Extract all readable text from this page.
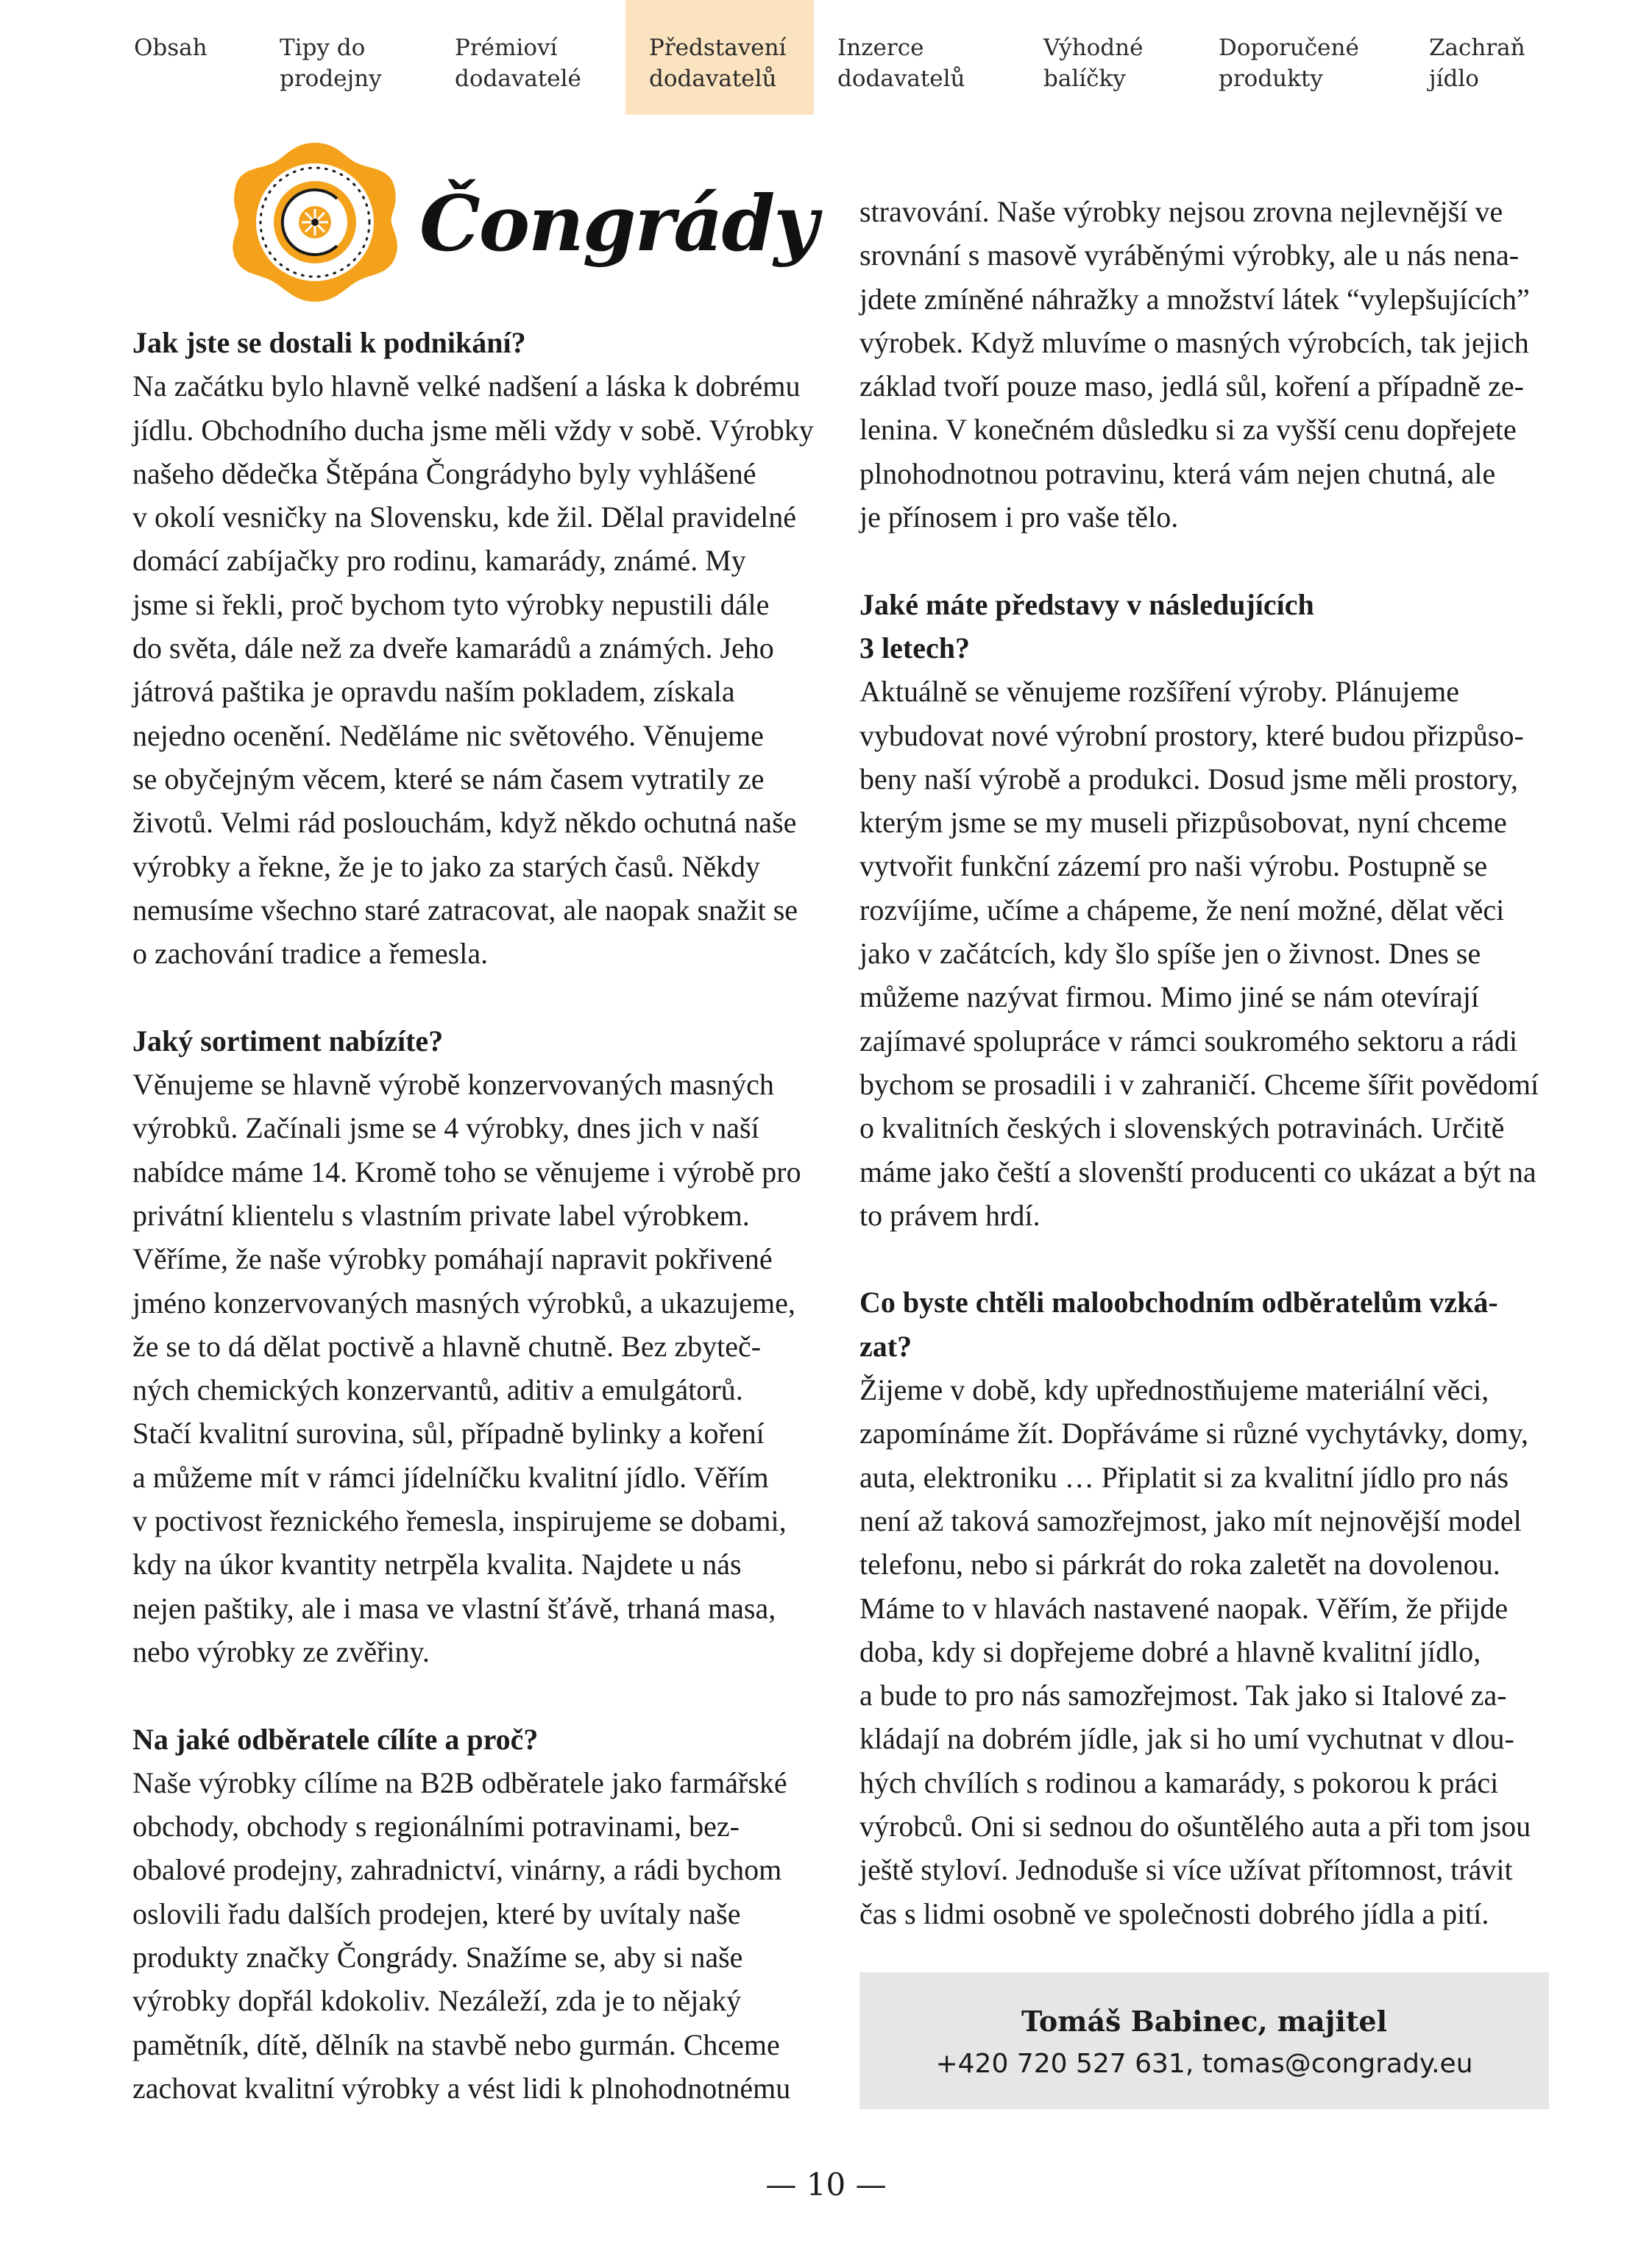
Obsah	Tipy do
prodejny
Prémioví
dodavatelé
Představení
dodavatelů
Inzerce
dodavatelů
Výhodné
balíčky
Doporučené
produkty
Zachraň
jídlo
Čongrády

Jak jste se dostali k podnikání?

Na začátku bylo hlavně velké nadšení a láska k dobrému

jídlu. Obchodního ducha jsme měli vždy v sobě. Výrobky

našeho dědečka Štěpána Čongrádyho byly vyhlášené

v okolí vesničky na Slovensku, kde žil. Dělal pravidelné

domácí zabíjačky pro rodinu, kamarády, známé. My

jsme si řekli, proč bychom tyto výrobky nepustili dále

do světa, dále než za dveře kamarádů a známých. Jeho

játrová paštika je opravdu naším pokladem, získala

nejedno ocenění. Neděláme nic světového. Věnujeme

se obyčejným věcem, které se nám časem vytratily ze

životů. Velmi rád poslouchám, když někdo ochutná naše

výrobky a řekne, že je to jako za starých časů. Někdy

nemusíme všechno staré zatracovat, ale naopak snažit se

o zachování tradice a řemesla.

Jaký sortiment nabízíte?

Věnujeme se hlavně výrobě konzervovaných masných

výrobků. Začínali jsme se 4 výrobky, dnes jich v naší

nabídce máme 14. Kromě toho se věnujeme i výrobě pro

privátní klientelu s vlastním private label výrobkem.

Věříme, že naše výrobky pomáhají napravit pokřivené

jméno konzervovaných masných výrobků, a ukazujeme,

že se to dá dělat poctivě a hlavně chutně. Bez zbyteč-

ných chemických konzervantů, aditiv a emulgátorů.

Stačí kvalitní surovina, sůl, případně bylinky a koření

a můžeme mít v rámci jídelníčku kvalitní jídlo. Věřím

v poctivost řeznického řemesla, inspirujeme se dobami,

kdy na úkor kvantity netrpěla kvalita. Najdete u nás

nejen paštiky, ale i masa ve vlastní šťávě, trhaná masa,

nebo výrobky ze zvěřiny.

Na jaké odběratele cílíte a proč?

Naše výrobky cílíme na B2B odběratele jako farmářské

obchody, obchody s regionálními potravinami, bez-

obalové prodejny, zahradnictví, vinárny, a rádi bychom

oslovili řadu dalších prodejen, které by uvítaly naše

produkty značky Čongrády. Snažíme se, aby si naše

výrobky dopřál kdokoliv. Nezáleží, zda je to nějaký

pamětník, dítě, dělník na stavbě nebo gurmán. Chceme

zachovat kvalitní výrobky a vést lidi k plnohodnotnému

stravování. Naše výrobky nejsou zrovna nejlevnější ve

srovnání s masově vyráběnými výrobky, ale u nás nena-

jdete zmíněné náhražky a množství látek “vylepšujících”

výrobek. Když mluvíme o masných výrobcích, tak jejich

základ tvoří pouze maso, jedlá sůl, koření a případně ze-

lenina. V konečném důsledku si za vyšší cenu dopřejete

plnohodnotnou potravinu, která vám nejen chutná, ale

je přínosem i pro vaše tělo.

Jaké máte představy v následujících

3 letech?

Aktuálně se věnujeme rozšíření výroby. Plánujeme

vybudovat nové výrobní prostory, které budou přizpůso-

beny naší výrobě a produkci. Dosud jsme měli prostory,

kterým jsme se my museli přizpůsobovat, nyní chceme

vytvořit funkční zázemí pro naši výrobu. Postupně se

rozvíjíme, učíme a chápeme, že není možné, dělat věci

jako v začátcích, kdy šlo spíše jen o živnost. Dnes se

můžeme nazývat firmou. Mimo jiné se nám otevírají

zajímavé spolupráce v rámci soukromého sektoru a rádi

bychom se prosadili i v zahraničí. Chceme šířit povědomí

o kvalitních českých i slovenských potravinách. Určitě

máme jako čeští a slovenští producenti co ukázat a být na

to právem hrdí.

Co byste chtěli maloobchodním odběratelům vzká-

zat?

Žijeme v době, kdy upřednostňujeme materiální věci,

zapomínáme žít. Dopřáváme si různé vychytávky, domy,

auta, elektroniku … Připlatit si za kvalitní jídlo pro nás

není až taková samozřejmost, jako mít nejnovější model

telefonu, nebo si párkrát do roka zaletět na dovolenou.

Máme to v hlavách nastavené naopak. Věřím, že přijde

doba, kdy si dopřejeme dobré a hlavně kvalitní jídlo,

a bude to pro nás samozřejmost. Tak jako si Italové za-

kládají na dobrém jídle, jak si ho umí vychutnat v dlou-

hých chvílích s rodinou a kamarády, s pokorou k práci

výrobců. Oni si sednou do ošuntělého auta a při tom jsou

ještě styloví. Jednoduše si více užívat přítomnost, trávit

čas s lidmi osobně ve společnosti dobrého jídla a pití.

Tomáš Babinec, majitel
+420 720 527 631, tomas@congrady.eu
— 10 —
